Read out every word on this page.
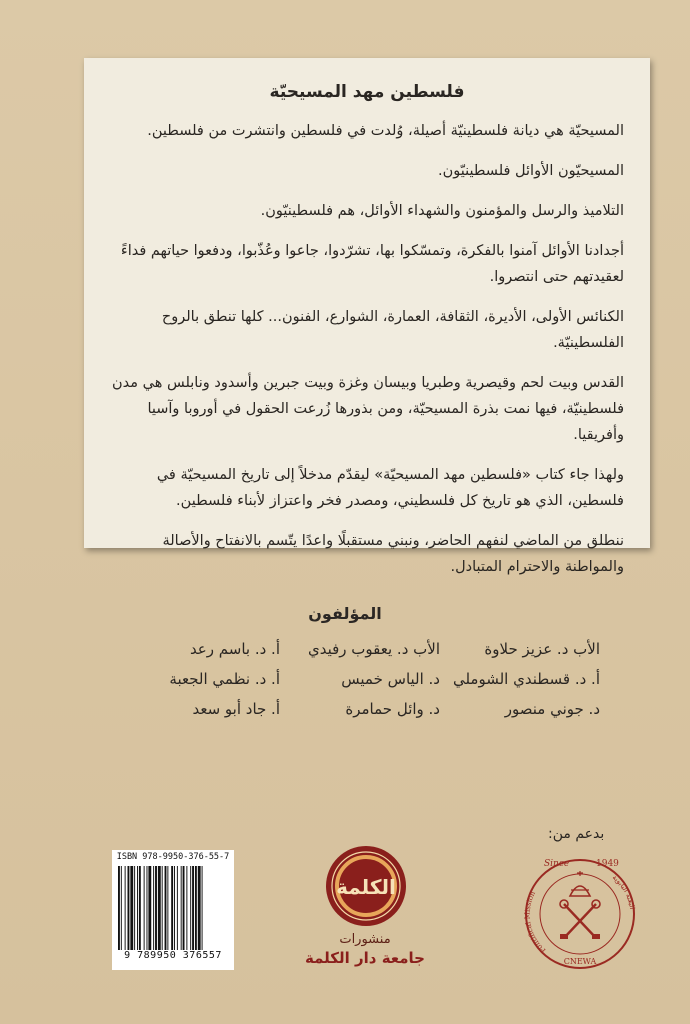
فلسطين مهد المسيحيّة

المسيحيّة هي ديانة فلسطينيّة أصيلة، وُلدت في فلسطين وانتشرت من فلسطين.

المسيحيّون الأوائل فلسطينيّون.

التلاميذ والرسل والمؤمنون والشهداء الأوائل، هم فلسطينيّون.

أجدادنا الأوائل آمنوا بالفكرة، وتمسّكوا بها، تشرّدوا، جاعوا وعُذّبوا، ودفعوا حياتهم فداءً لعقيدتهم حتى انتصروا.

الكنائس الأولى، الأديرة، الثقافة، العمارة، الشوارع، الفنون... كلها تنطق بالروح الفلسطينيّة.

القدس وبيت لحم وقيصرية وطبريا وبيسان وغزة وبيت جبرين وأسدود ونابلس هي مدن فلسطينيّة، فيها نمت بذرة المسيحيّة، ومن بذورها زُرعت الحقول في أوروبا وآسيا وأفريقيا.

ولهذا جاء كتاب «فلسطين مهد المسيحيّة» ليقدّم مدخلاً إلى تاريخ المسيحيّة في فلسطين، الذي هو تاريخ كل فلسطيني، ومصدر فخر واعتزاز لأبناء فلسطين.

ننطلق من الماضي لنفهم الحاضر، ونبني مستقبلًا واعدًا يتّسم بالانفتاح والأصالة والمواطنة والاحترام المتبادل.

المؤلفون
الأب د. عزيز حلاوة
الأب د. يعقوب رفيدي
أ. د. باسم رعد
أ. د. قسطندي الشوملي
د. الياس خميس
أ. د. نظمي الجعبة
د. جوني منصور
د. وائل حمامرة
أ. جاد أبو سعد
بدعم من:
Since	1949
Pontifical Mission
البعثة البابوية
CNEWA
الكلمة
منشورات
جامعة دار الكلمة
ISBN 978-9950-376-55-7
9 789950 376557
